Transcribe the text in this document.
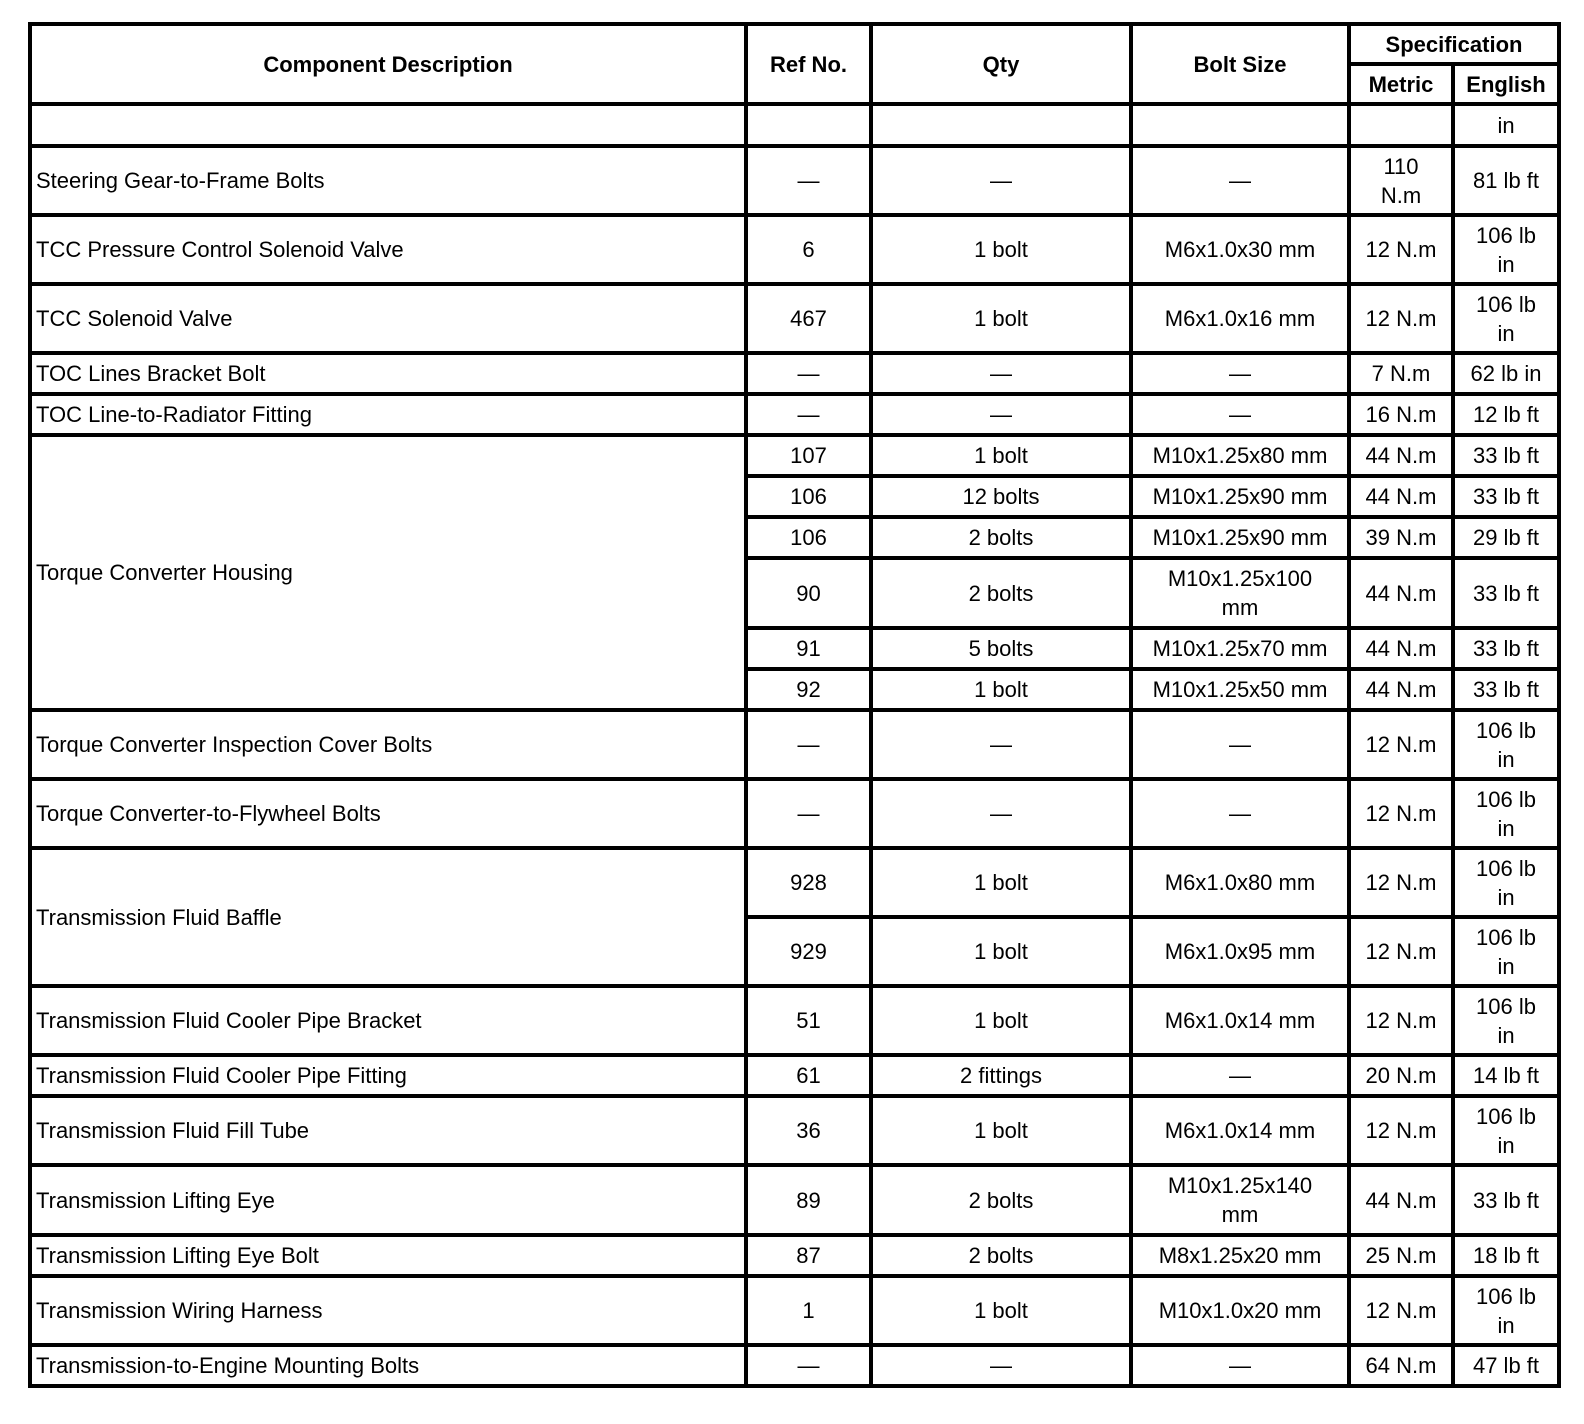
Component Description	Ref No.	Qty	Bolt Size	Specification	
				Metric	English
					in
Steering Gear-to-Frame Bolts	—	—	—	110 N.m	81 lb ft
TCC Pressure Control Solenoid Valve	6	1 bolt	M6x1.0x30 mm	12 N.m	106 lb in
TCC Solenoid Valve	467	1 bolt	M6x1.0x16 mm	12 N.m	106 lb in
TOC Lines Bracket Bolt	—	—	—	7 N.m	62 lb in
TOC Line-to-Radiator Fitting	—	—	—	16 N.m	12 lb ft
Torque Converter Housing	107	1 bolt	M10x1.25x80 mm	44 N.m	33 lb ft
	106	12 bolts	M10x1.25x90 mm	44 N.m	33 lb ft
	106	2 bolts	M10x1.25x90 mm	39 N.m	29 lb ft
	90	2 bolts	M10x1.25x100 mm	44 N.m	33 lb ft
	91	5 bolts	M10x1.25x70 mm	44 N.m	33 lb ft
	92	1 bolt	M10x1.25x50 mm	44 N.m	33 lb ft
Torque Converter Inspection Cover Bolts	—	—	—	12 N.m	106 lb in
Torque Converter-to-Flywheel Bolts	—	—	—	12 N.m	106 lb in
Transmission Fluid Baffle	928	1 bolt	M6x1.0x80 mm	12 N.m	106 lb in
	929	1 bolt	M6x1.0x95 mm	12 N.m	106 lb in
Transmission Fluid Cooler Pipe Bracket	51	1 bolt	M6x1.0x14 mm	12 N.m	106 lb in
Transmission Fluid Cooler Pipe Fitting	61	2 fittings	—	20 N.m	14 lb ft
Transmission Fluid Fill Tube	36	1 bolt	M6x1.0x14 mm	12 N.m	106 lb in
Transmission Lifting Eye	89	2 bolts	M10x1.25x140 mm	44 N.m	33 lb ft
Transmission Lifting Eye Bolt	87	2 bolts	M8x1.25x20 mm	25 N.m	18 lb ft
Transmission Wiring Harness	1	1 bolt	M10x1.0x20 mm	12 N.m	106 lb in
Transmission-to-Engine Mounting Bolts	—	—	—	64 N.m	47 lb ft
